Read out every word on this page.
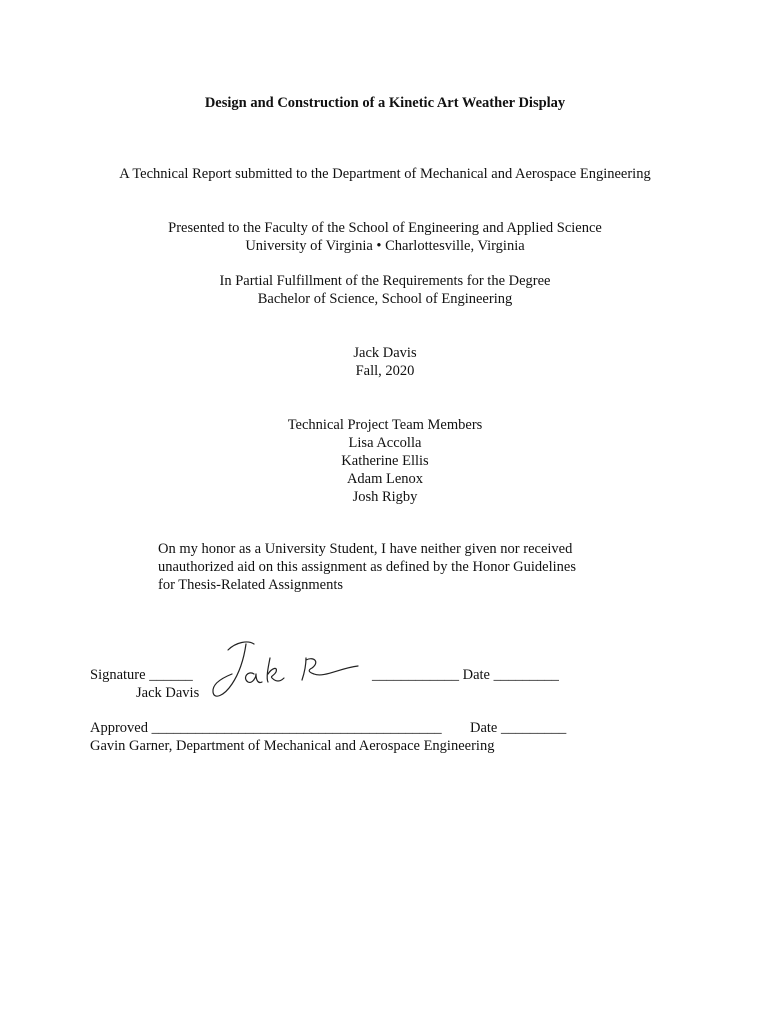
Design and Construction of a Kinetic Art Weather Display
A Technical Report submitted to the Department of Mechanical and Aerospace Engineering
Presented to the Faculty of the School of Engineering and Applied Science
University of Virginia • Charlottesville, Virginia
In Partial Fulfillment of the Requirements for the Degree
Bachelor of Science, School of Engineering
Jack Davis
Fall, 2020
Technical Project Team Members
Lisa Accolla
Katherine Ellis
Adam Lenox
Josh Rigby
On my honor as a University Student, I have neither given nor received
unauthorized aid on this assignment as defined by the Honor Guidelines
for Thesis-Related Assignments
Signature ______
Jack Davis
____________ Date _________
Approved ________________________________________ Date _________
Gavin Garner, Department of Mechanical and Aerospace Engineering
